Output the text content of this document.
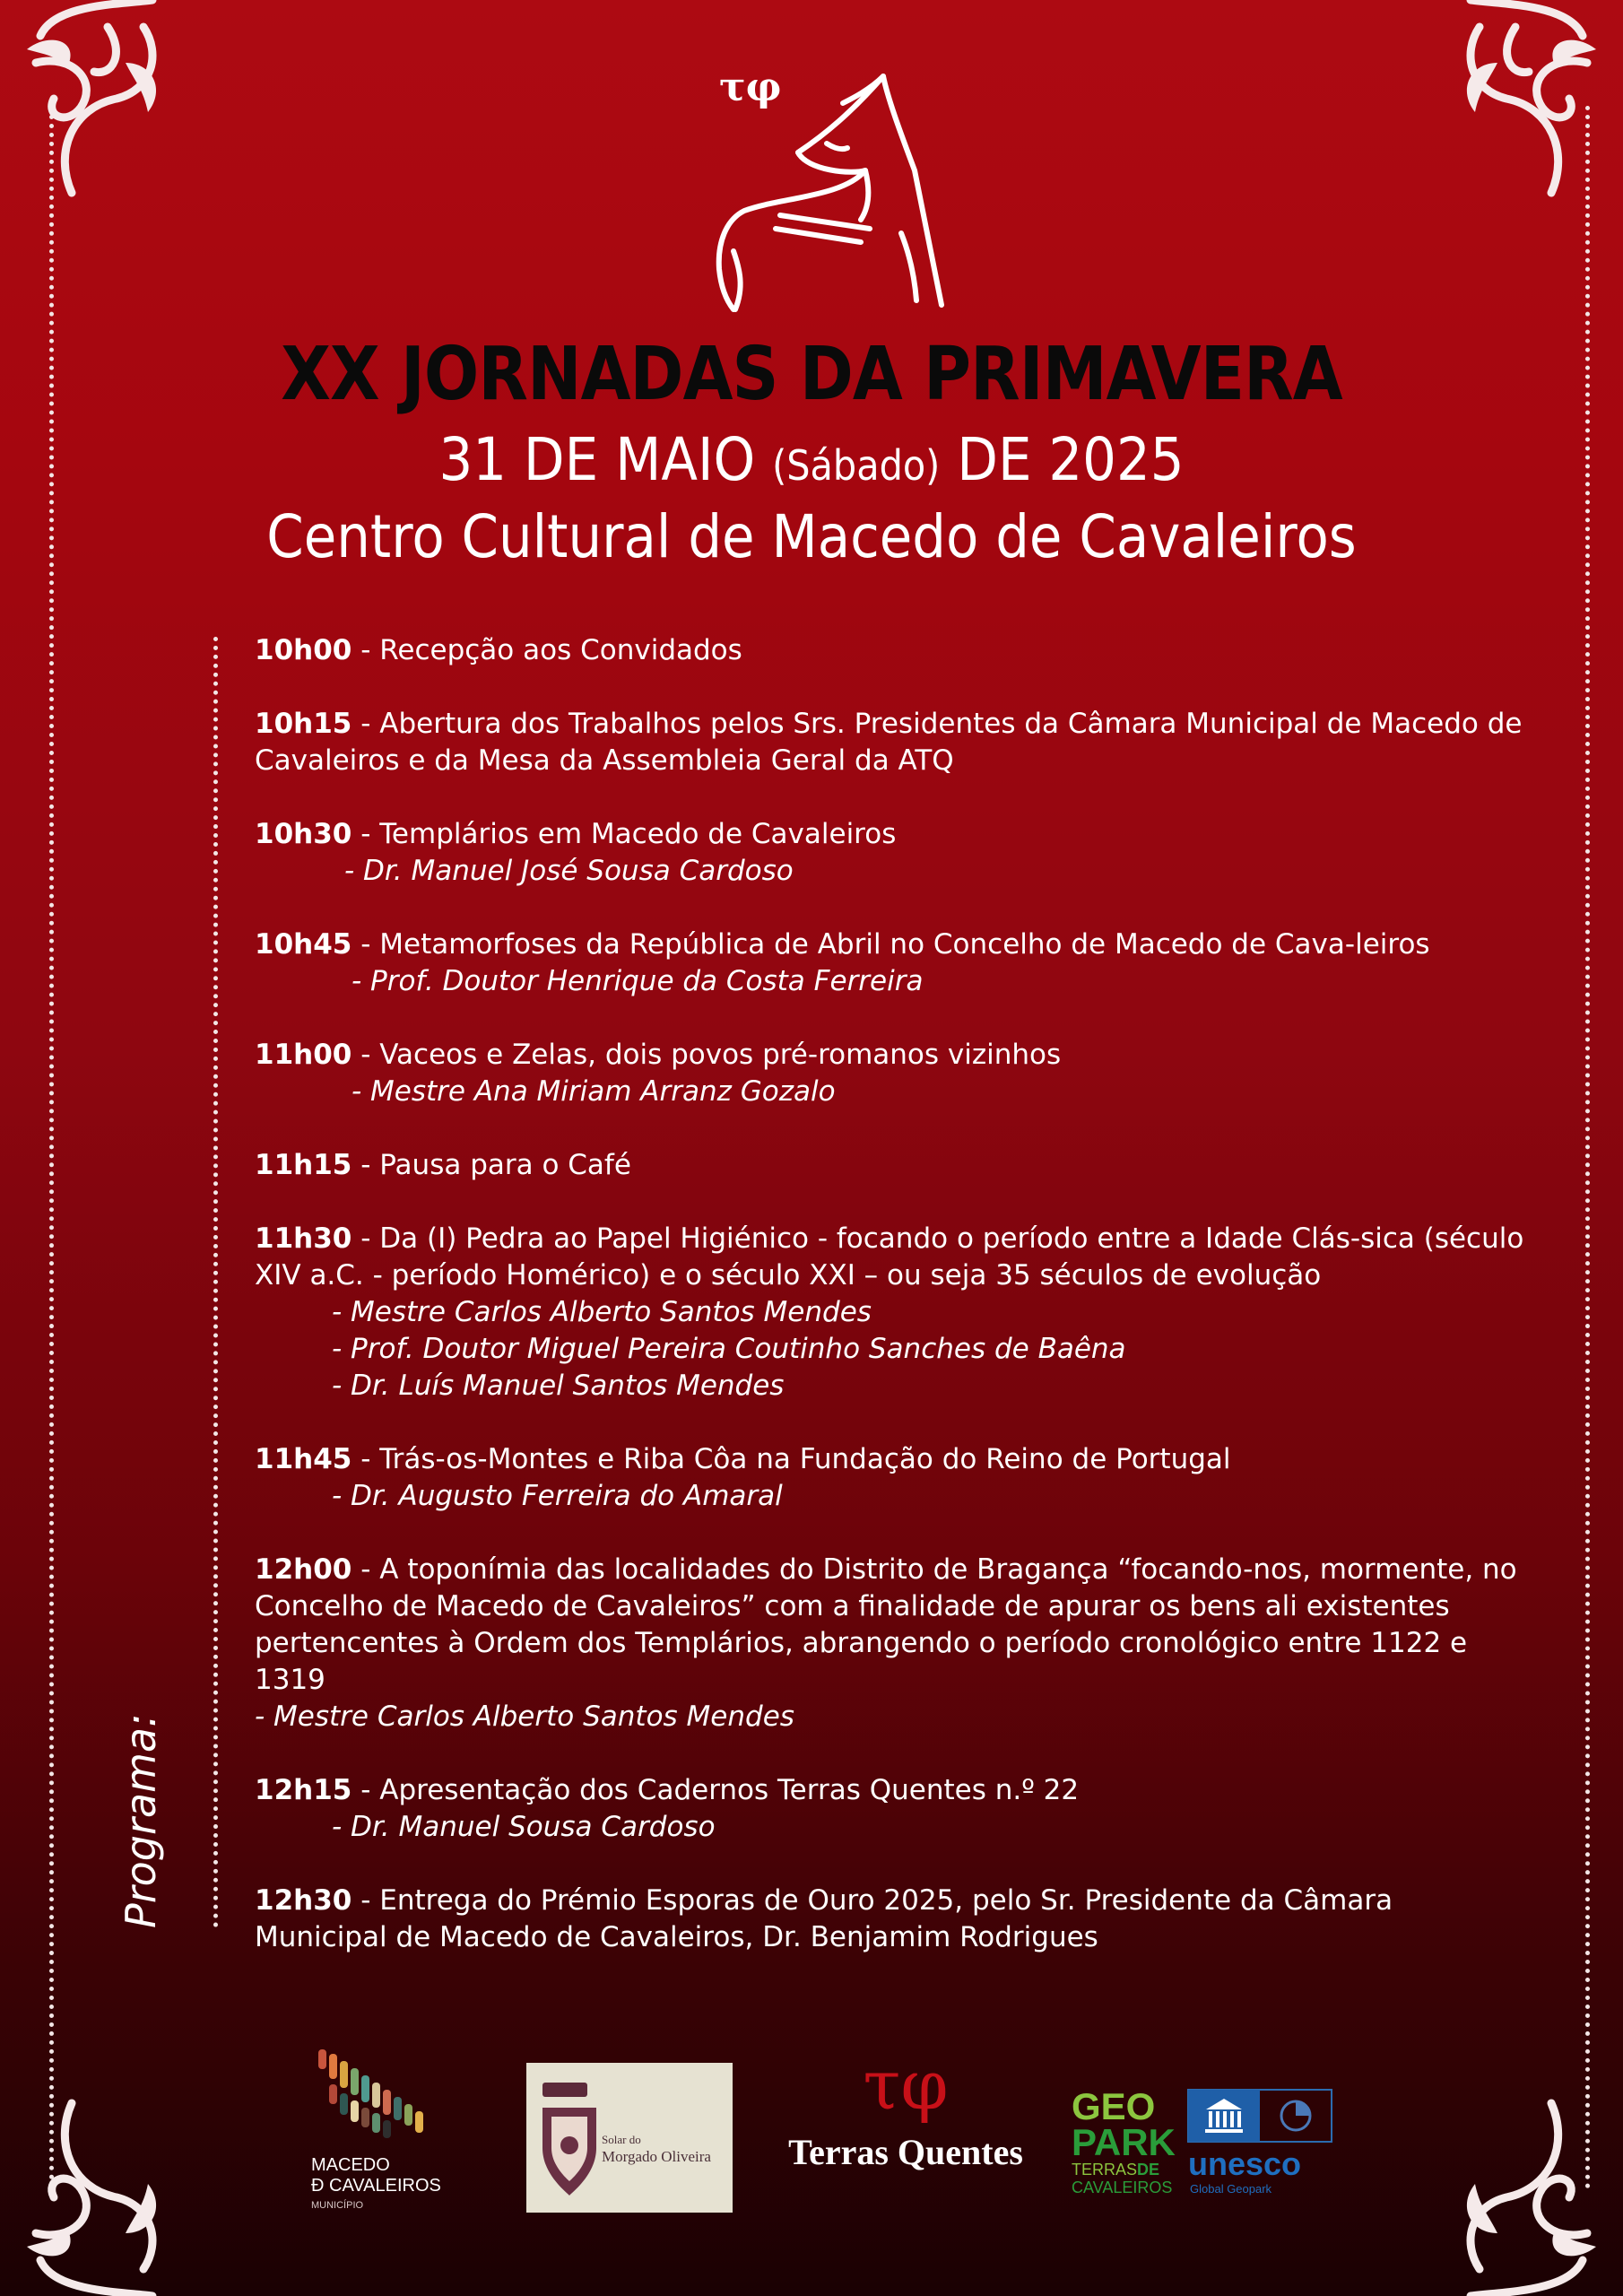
τφ
XX JORNADAS DA PRIMAVERA
31 DE MAIO (Sábado) DE 2025
Centro Cultural de Macedo de Cavaleiros
Programa:
10h00 - Recepção aos Convidados
10h15 - Abertura dos Trabalhos pelos Srs. Presidentes da Câmara Municipal de Macedo de Cavaleiros e da Mesa da Assembleia Geral da ATQ
10h30 - Templários em Macedo de Cavaleiros
- Dr. Manuel José Sousa Cardoso
10h45 - Metamorfoses da República de Abril no Concelho de Macedo de Cava-leiros
- Prof. Doutor Henrique da Costa Ferreira
11h00 - Vaceos e Zelas, dois povos pré-romanos vizinhos
- Mestre Ana Miriam Arranz Gozalo
11h15 - Pausa para o Café
11h30 - Da (I) Pedra ao Papel Higiénico - focando o período entre a Idade Clás-sica (século XIV a.C. - período Homérico) e o século XXI – ou seja 35 séculos de evolução
- Mestre Carlos Alberto Santos Mendes
- Prof. Doutor Miguel Pereira Coutinho Sanches de Baêna
- Dr. Luís Manuel Santos Mendes
11h45 - Trás-os-Montes e Riba Côa na Fundação do Reino de Portugal
- Dr. Augusto Ferreira do Amaral
12h00 - A toponímia das localidades do Distrito de Bragança “focando-nos, mormente, no Concelho de Macedo de Cavaleiros” com a finalidade de apurar os bens ali existentes pertencentes à Ordem dos Templários, abrangendo o período cronológico entre 1122 e 1319
- Mestre Carlos Alberto Santos Mendes
12h15 - Apresentação dos Cadernos Terras Quentes n.º 22
- Dr. Manuel Sousa Cardoso
12h30 - Entrega do Prémio Esporas de Ouro 2025, pelo Sr. Presidente da Câmara Municipal de Macedo de Cavaleiros, Dr. Benjamim Rodrigues
MACEDO
Đ CAVALEIROS
MUNICÍPIO
Solar do
Morgado Oliveira
τφ
Terras Quentes
GEO
PARK
TERRAS DE
CAVALEIROS
unesco
Global Geopark
